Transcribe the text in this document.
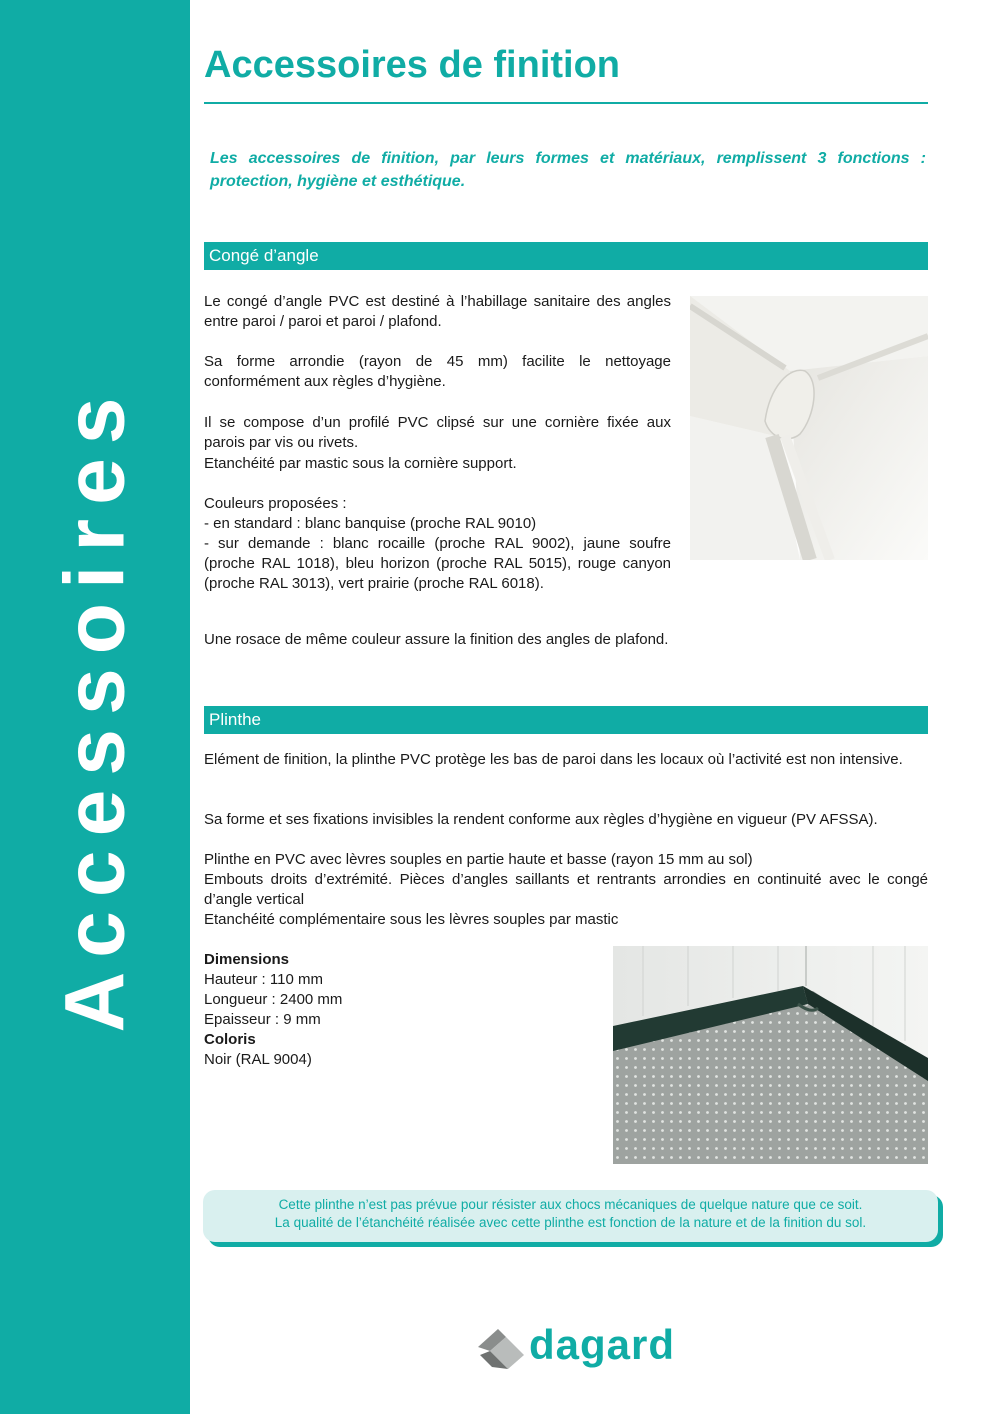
Accessoires
Accessoires de finition

Les accessoires de finition, par leurs formes et matériaux, remplissent 3 fonctions : protection, hygiène et esthétique.

Congé d’angle

Le congé d’angle PVC est destiné à l’habillage sanitaire des angles entre paroi / paroi et paroi / plafond.

Sa forme arrondie (rayon de 45 mm) facilite le nettoyage conformément aux règles d’hygiène.

Il se compose d’un profilé PVC clipsé sur une cornière fixée aux parois par vis ou rivets.

Etanchéité par mastic sous la cornière support.

Couleurs proposées :

- en standard : blanc banquise (proche RAL 9010)

- sur demande : blanc rocaille (proche RAL 9002), jaune soufre (proche RAL 1018), bleu horizon (proche RAL 5015), rouge canyon (proche RAL 3013), vert prairie (proche RAL 6018).

Une rosace de même couleur assure la finition des angles de plafond.

Plinthe

Elément de finition, la plinthe PVC protège les bas de paroi dans les locaux où l’activité est non intensive.

Sa forme et ses fixations invisibles la rendent conforme aux règles d’hygiène en vigueur (PV AFSSA).

Plinthe en PVC avec lèvres souples en partie haute et basse (rayon 15 mm au sol)

Embouts droits d’extrémité. Pièces d’angles saillants et rentrants arrondies en continuité avec le congé d’angle vertical

Etanchéité complémentaire sous les lèvres souples par mastic

Dimensions

Hauteur : 110 mm

Longueur : 2400 mm

Epaisseur : 9 mm

Coloris

Noir (RAL 9004)

Cette plinthe n’est pas prévue pour résister aux chocs mécaniques de quelque nature que ce soit.
La qualité de l’étanchéité réalisée avec cette plinthe est fonction de la nature et de la finition du sol.
dagard
